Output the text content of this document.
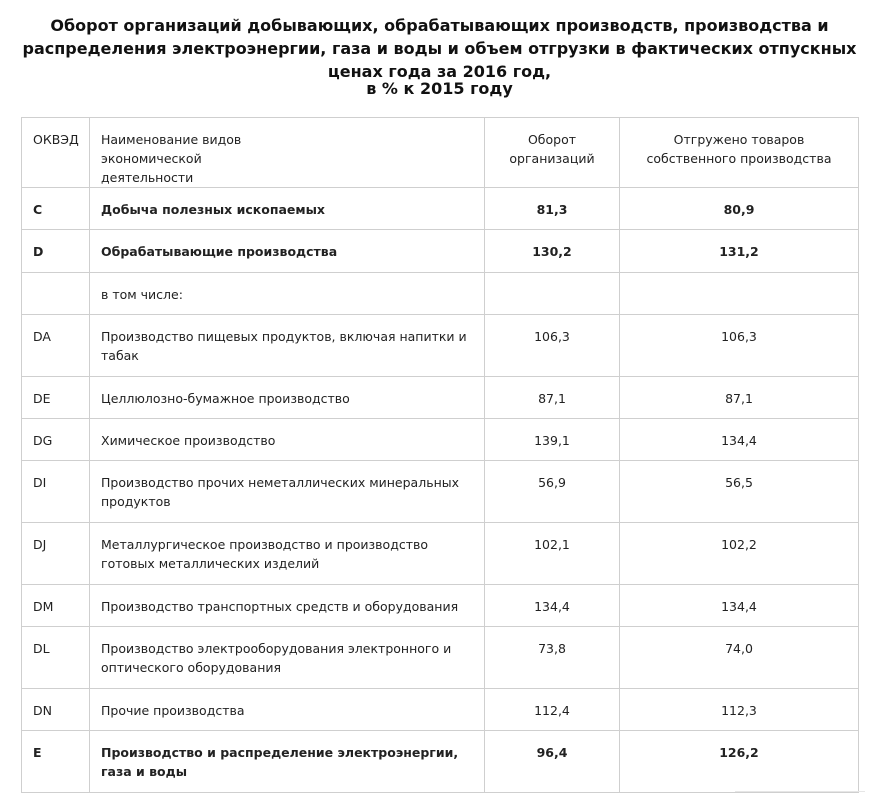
Оборот организаций добывающих, обрабатывающих производств, производства и распределения электроэнергии, газа и воды и объем отгрузки в фактических отпускных ценах года за 2016 год,
в % к 2015 году
ОКВЭД	Наименование видов экономической деятельности	Оборот организаций	Отгружено товаров собственного производства
C	Добыча полезных ископаемых	81,3	80,9
D	Обрабатывающие производства	130,2	131,2
	в том числе:		
DA	Производство пищевых продуктов, включая напитки и табак	106,3	106,3
DE	Целлюлозно-бумажное производство	87,1	87,1
DG	Химическое производство	139,1	134,4
DI	Производство прочих неметаллических минеральных продуктов	56,9	56,5
DJ	Металлургическое производство и производство готовых металлических изделий	102,1	102,2
DM	Производство транспортных средств и оборудования	134,4	134,4
DL	Производство электрооборудования электронного и оптического оборудования	73,8	74,0
DN	Прочие производства	112,4	112,3
E	Производство и распределение электроэнергии, газа и воды	96,4	126,2
